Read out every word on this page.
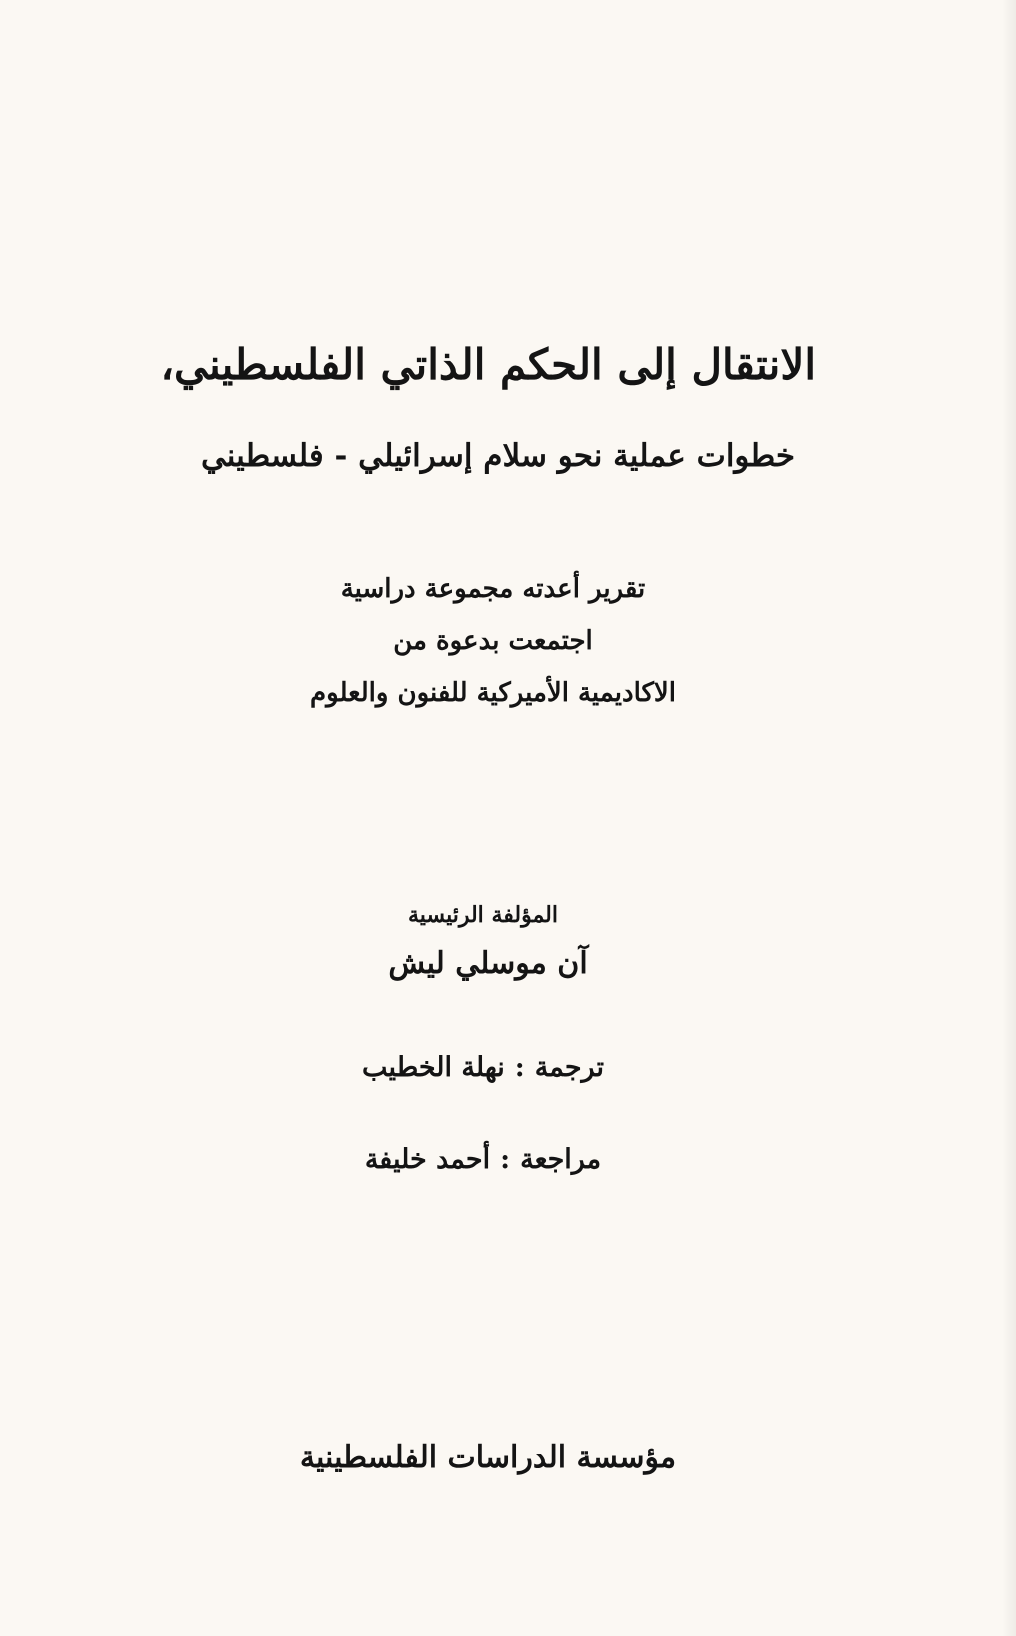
الانتقال إلى الحكم الذاتي الفلسطيني،
خطوات عملية نحو سلام إسرائيلي - فلسطيني
تقرير أعدته مجموعة دراسية
اجتمعت بدعوة من
الاكاديمية الأميركية للفنون والعلوم
المؤلفة الرئيسية
آن موسلي ليش
ترجمة:نهلة الخطيب
مراجعة:أحمد خليفة
مؤسسة الدراسات الفلسطينية
